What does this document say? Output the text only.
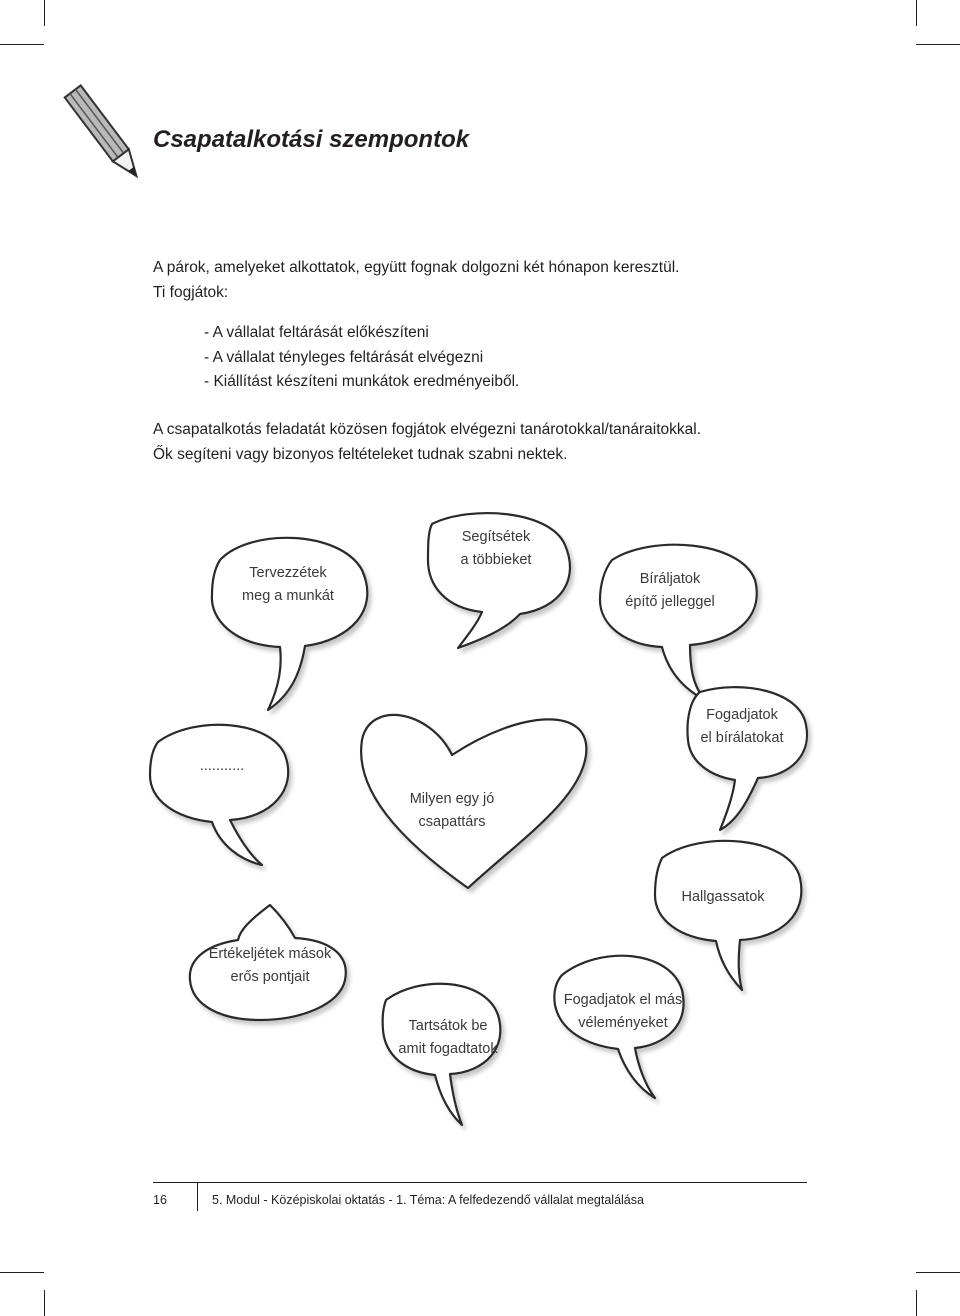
Csapatalkotási szempontok
A párok, amelyeket alkottatok, együtt fognak dolgozni két hónapon keresztül.
Ti fogjátok:
- A vállalat feltárását előkészíteni
- A vállalat tényleges feltárását elvégezni
- Kiállítást készíteni munkátok eredményeiből.
A csapatalkotás feladatát közösen fogjátok elvégezni tanárotokkal/tanáraitokkal.
Ők segíteni vagy bizonyos feltételeket tudnak szabni nektek.
Tervezzétek
meg a munkát
Segítsétek
a többieket
Bíráljatok
építő jelleggel
Fogadjatok
el bírálatokat
...........
Milyen egy jó
csapattárs
Hallgassatok
Értékeljétek mások
erős pontjait
Tartsátok be
amit fogadtatok
Fogadjatok el más
véleményeket
16	5. Modul - Középiskolai oktatás - 1. Téma: A felfedezendő vállalat megtalálása
